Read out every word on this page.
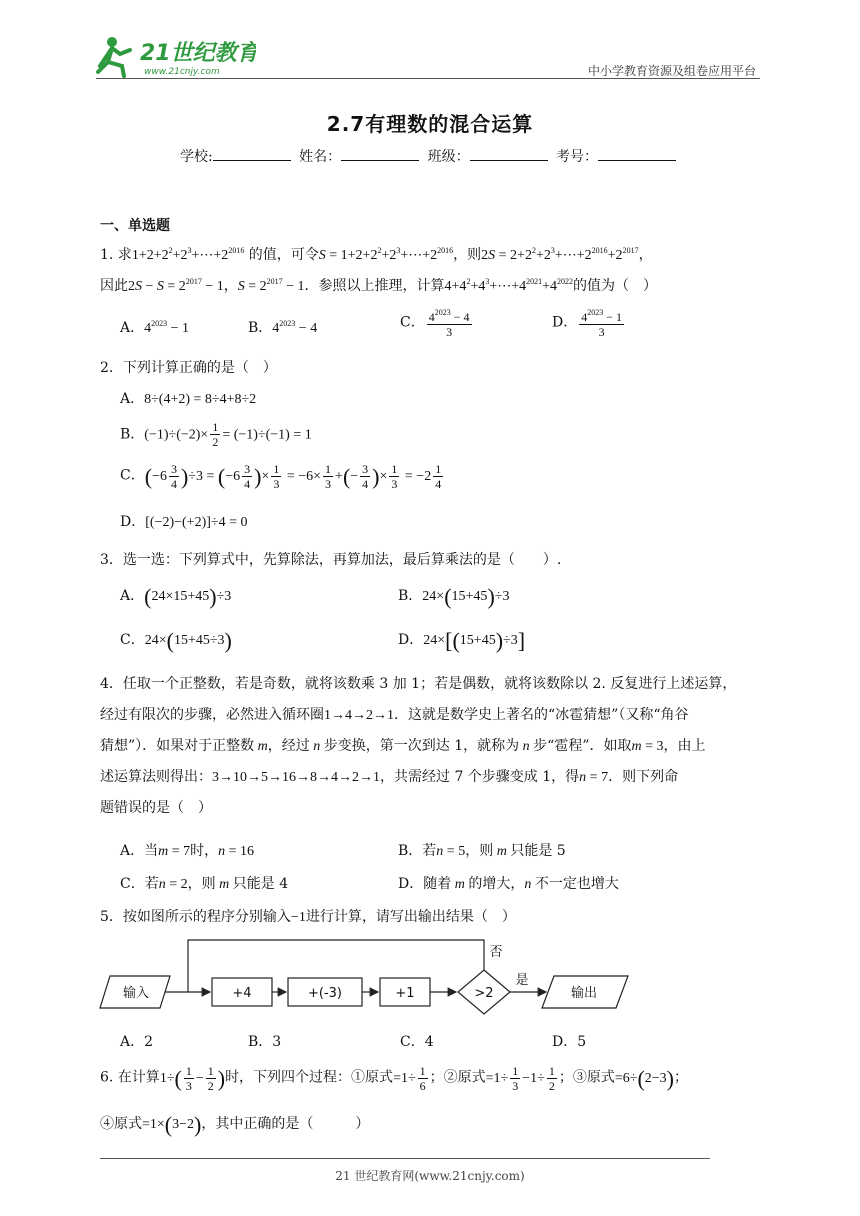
21世纪教育
www.21cnjy.com	中小学教育资源及组卷应用平台
2.7有理数的混合运算
学校:	姓名：	班级：	考号：
一、单选题
1. 求$1+2+2^2+2^3+\cdots+2^{2016}$ 的值，可令$S = 1+2+2^2+2^3+\cdots+2^{2016}$，则$2S = 2+2^2+2^3+\cdots+2^{2016}+2^{2017}$，
因此$2S - S = 2^{2017} - 1$，$S = 2^{2017} - 1$．参照以上推理，计算$4+4^2+4^3+\cdots+4^{2021}+4^{2022}$的值为（　）
A．$4^{2023} - 1$	B．$4^{2023} - 4$	C． $\frac{4^{2023} - 4}{3}$	D． $\frac{4^{2023} - 1}{3}$
2．下列计算正确的是（　）
A．8÷(4+2) = 8÷4+8÷2
B．$(-1)\div(-2)\times \frac{1}{2} = (-1)\div(-1) = 1$
C．$(-6 \frac{3}{4} )\div 3 = (-6 \frac{3}{4}$ )× $\frac{1}{3} = -6\times \frac{1}{3}$ +(− $\frac{3}{4}$ )× $\frac{1}{3} = -2 \frac{1}{4}$
D．[(−2)−(+2)]÷4 = 0
3．选一选：下列算式中，先算除法，再算加法，最后算乘法的是（　　）.
A．(24×15+45)÷3	B．24×(15+45)÷3
C．24×(15+45÷3)	D．24×[(15+45)÷3]
4．任取一个正整数，若是奇数，就将该数乘 3 加 1；若是偶数，就将该数除以 2. 反复进行上述运算，
经过有限次的步骤，必然进入循环圈1→4→2→1．这就是数学史上著名的“冰雹猜想”（又称“角谷
猜想”）．如果对于正整数 m，经过 n 步变换，第一次到达 1，就称为 n 步“雹程”．如取m = 3，由上
述运算法则得出：3→10→5→16→8→4→2→1，共需经过 7 个步骤变成 1，得n = 7．则下列命
题错误的是（　）
A．当m = 7时，n = 16	B．若n = 5，则 m 只能是 5
C．若n = 2，则 m 只能是 4	D．随着 m 的增大，n 不一定也增大
5．按如图所示的程序分别输入−1进行计算，请写出输出结果（　）
输入	+4	+(-3)	+1	>2
是
否
输出
A．2	B．3	C．4	D．5
6. 在计算$1\div( \frac{1}{3} - \frac{1}{2}$ )时，下列四个过程：①原式$=1\div \frac{1}{6}$ ；②原式$=1\div \frac{1}{3} -1\div \frac{1}{2}$ ；③原式=6÷(2−3)；
④原式=1×(3−2)，其中正确的是（　　　）
21 世纪教育网(www.21cnjy.com)
